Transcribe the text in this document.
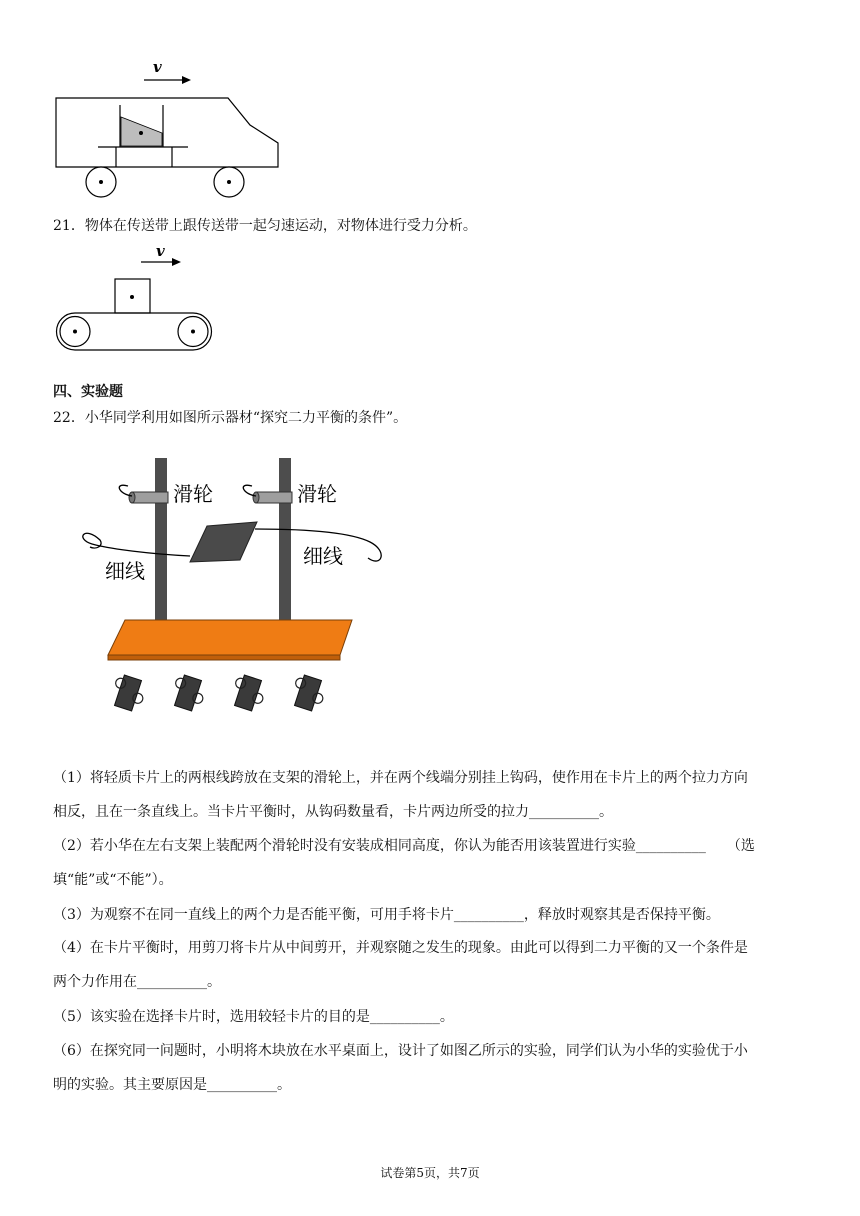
v
21．物体在传送带上跟传送带一起匀速运动，对物体进行受力分析。
v
四、实验题
22．小华同学利用如图所示器材“探究二力平衡的条件”。
滑轮	滑轮
细线
细线
（1）将轻质卡片上的两根线跨放在支架的滑轮上，并在两个线端分别挂上钩码，使作用在卡片上的两个拉力方向
相反，且在一条直线上。当卡片平衡时，从钩码数量看，卡片两边所受的拉力__________。
（2）若小华在左右支架上装配两个滑轮时没有安装成相同高度，你认为能否用该装置进行实验__________　　（选
填“能”或“不能”）。
（3）为观察不在同一直线上的两个力是否能平衡，可用手将卡片__________，释放时观察其是否保持平衡。
（4）在卡片平衡时，用剪刀将卡片从中间剪开，并观察随之发生的现象。由此可以得到二力平衡的又一个条件是
两个力作用在__________。
（5）该实验在选择卡片时，选用较轻卡片的目的是__________。
（6）在探究同一问题时，小明将木块放在水平桌面上，设计了如图乙所示的实验，同学们认为小华的实验优于小
明的实验。其主要原因是__________。
试卷第5页，共7页
